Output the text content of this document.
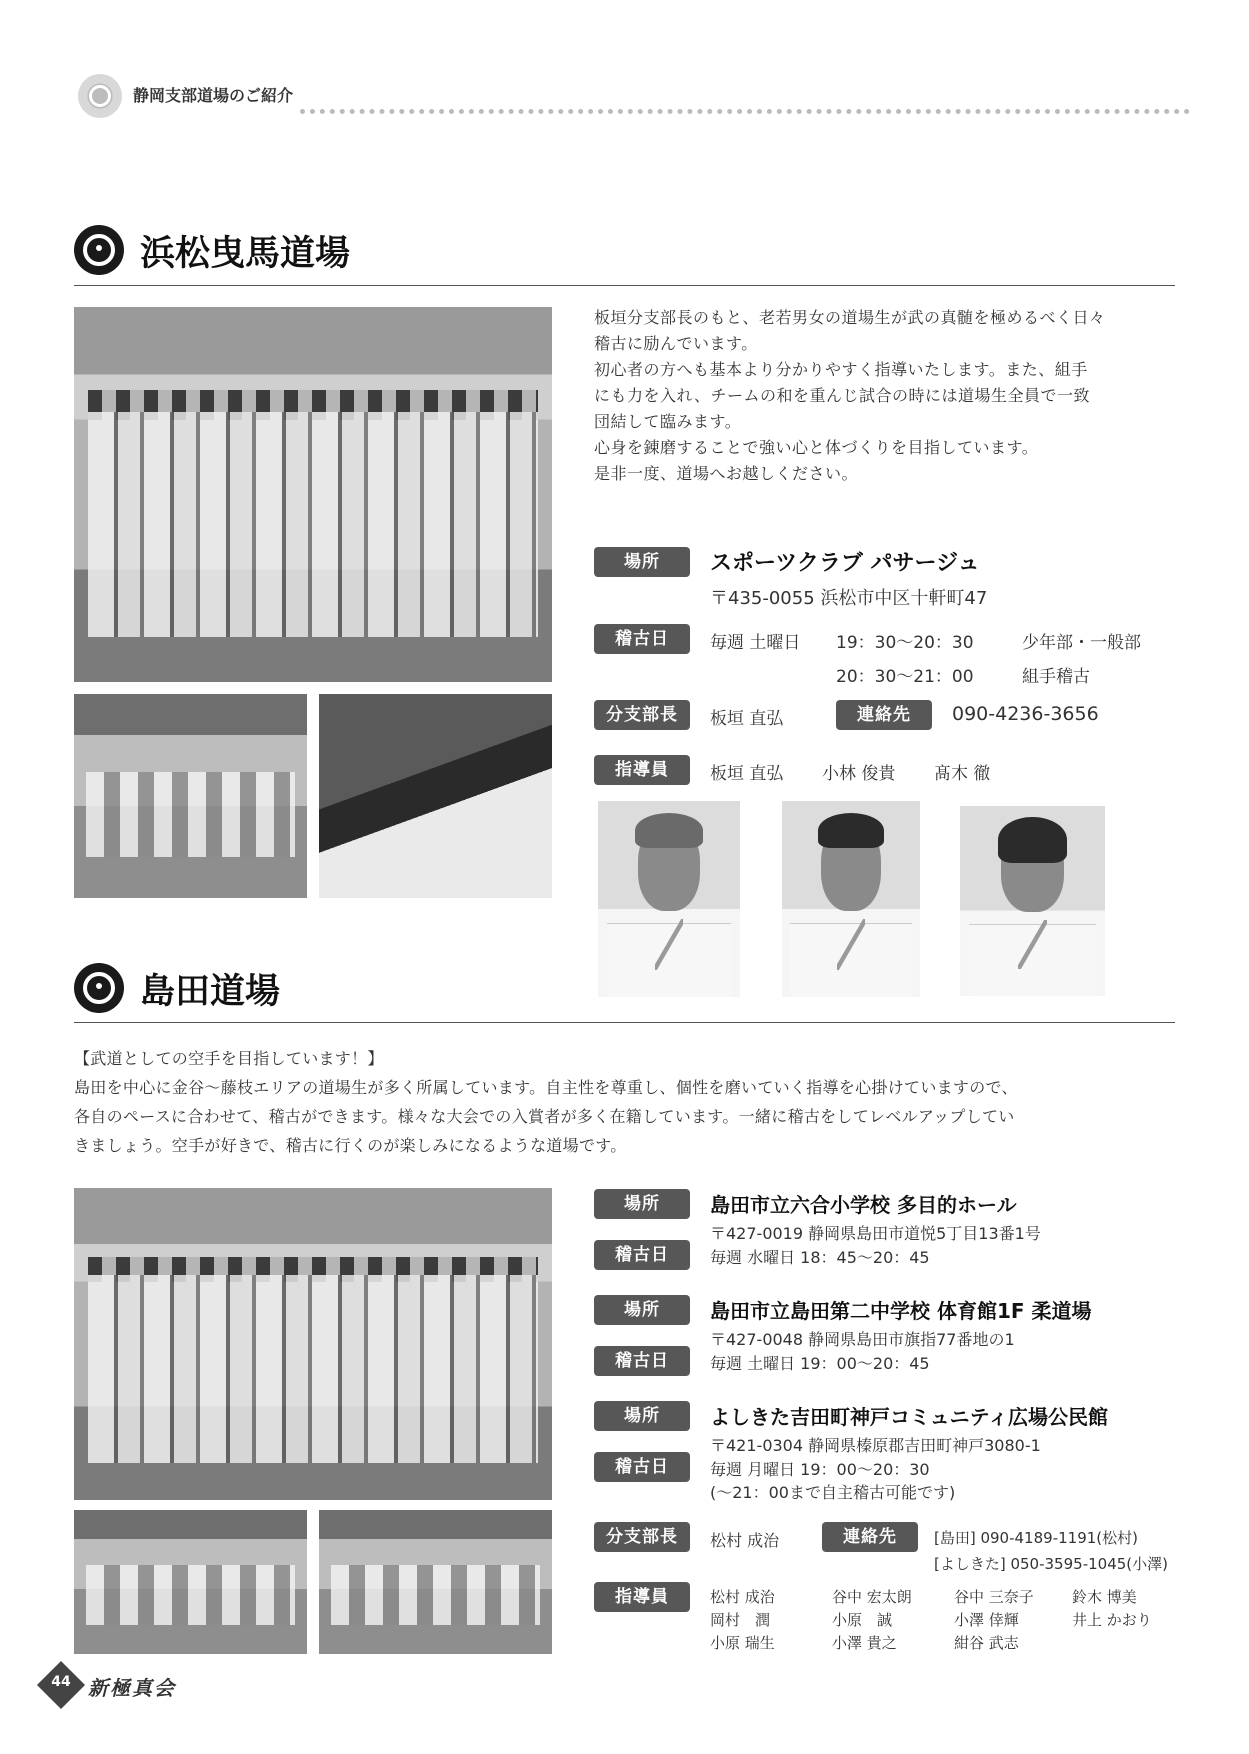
静岡支部道場のご紹介
浜松曳馬道場
板垣分支部長のもと、老若男女の道場生が武の真髄を極めるべく日々
稽古に励んでいます。
初心者の方へも基本より分かりやすく指導いたします。また、組手
にも力を入れ、チームの和を重んじ試合の時には道場生全員で一致
団結して臨みます。
心身を錬磨することで強い心と体づくりを目指しています。
是非一度、道場へお越しください。
場所	スポーツクラブ パサージュ
〒435-0055 浜松市中区十軒町47
稽古日	毎週 土曜日 19：30〜20：30	少年部・一般部
20：30〜21：00	組手稽古
分支部長	板垣 直弘	連絡先	090-4236-3656
指導員	板垣 直弘 小林 俊貴 髙木 徹
島田道場
【武道としての空手を目指しています！】
島田を中心に金谷〜藤枝エリアの道場生が多く所属しています。自主性を尊重し、個性を磨いていく指導を心掛けていますので、
各自のペースに合わせて、稽古ができます。様々な大会での入賞者が多く在籍しています。一緒に稽古をしてレベルアップしてい
きましょう。空手が好きで、稽古に行くのが楽しみになるような道場です。
場所	島田市立六合小学校 多目的ホール
〒427-0019 静岡県島田市道悦5丁目13番1号
稽古日	毎週 水曜日 18：45〜20：45
場所	島田市立島田第二中学校 体育館1F 柔道場
〒427-0048 静岡県島田市旗指77番地の1
稽古日	毎週 土曜日 19：00〜20：45
場所	よしきた吉田町神戸コミュニティ広場公民館
〒421-0304 静岡県榛原郡吉田町神戸3080-1
稽古日	毎週 月曜日 19：00〜20：30
(〜21：00まで自主稽古可能です)
分支部長	松村 成治	連絡先	[島田] 090-4189-1191(松村)
[よしきた] 050-3595-1045(小澤)
指導員	松村 成治	谷中 宏太朗	谷中 三奈子	鈴木 博美
岡村　潤	小原　誠	小澤 倖輝	井上 かおり
小原 瑞生	小澤 貴之	紺谷 武志
44 新極真会
